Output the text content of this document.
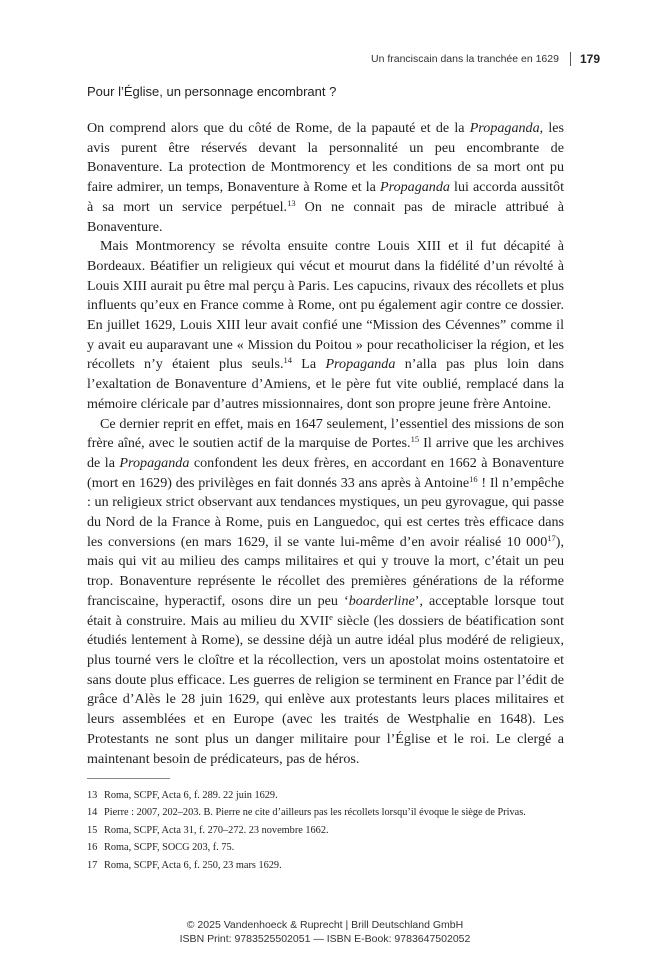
Un franciscain dans la tranchée en 1629 179
Pour l’Église, un personnage encombrant ?

On comprend alors que du côté de Rome, de la papauté et de la Propaganda, les avis purent être réservés devant la personnalité un peu encombrante de Bonaventure. La protection de Montmorency et les conditions de sa mort ont pu faire admirer, un temps, Bonaventure à Rome et la Propaganda lui accorda aussitôt à sa mort un service perpétuel.$^{13}$ On ne connait pas de miracle attribué à Bonaventure.

Mais Montmorency se révolta ensuite contre Louis XIII et il fut décapité à Bordeaux. Béatifier un religieux qui vécut et mourut dans la fidélité d’un révolté à Louis XIII aurait pu être mal perçu à Paris. Les capucins, rivaux des récollets et plus influents qu’eux en France comme à Rome, ont pu également agir contre ce dossier. En juillet 1629, Louis XIII leur avait confié une “Mission des Cévennes” comme il y avait eu auparavant une « Mission du Poitou » pour recatholiciser la région, et les récollets n’y étaient plus seuls.$^{14}$ La Propaganda n’alla pas plus loin dans l’exaltation de Bonaventure d’Amiens, et le père fut vite oublié, remplacé dans la mémoire cléricale par d’autres missionnaires, dont son propre jeune frère Antoine.

Ce dernier reprit en effet, mais en 1647 seulement, l’essentiel des missions de son frère aîné, avec le soutien actif de la marquise de Portes.$^{15}$ Il arrive que les archives de la Propaganda confondent les deux frères, en accordant en 1662 à Bonaventure (mort en 1629) des privilèges en fait donnés 33 ans après à Antoine$^{16}$ ! Il n’empêche : un religieux strict observant aux tendances mystiques, un peu gyrovague, qui passe du Nord de la France à Rome, puis en Languedoc, qui est certes très efficace dans les conversions (en mars 1629, il se vante lui-même d’en avoir réalisé 10 $000^{17}$), mais qui vit au milieu des camps militaires et qui y trouve la mort, c’était un peu trop. Bonaventure représente le récollet des premières générations de la réforme franciscaine, hyperactif, osons dire un peu ‘boarderline’, acceptable lorsque tout était à construire. Mais au milieu du XVIIe siècle (les dossiers de béatification sont étudiés lentement à Rome), se dessine déjà un autre idéal plus modéré de religieux, plus tourné vers le cloître et la récollection, vers un apostolat moins ostentatoire et sans doute plus efficace. Les guerres de religion se terminent en France par l’édit de grâce d’Alès le 28 juin 1629, qui enlève aux protestants leurs places militaires et leurs assemblées et en Europe (avec les traités de Westphalie en 1648). Les Protestants ne sont plus un danger militaire pour l’Église et le roi. Le clergé a maintenant besoin de prédicateurs, pas de héros.

13 Roma, SCPF, Acta 6, f. 289. 22 juin 1629.
14 Pierre : 2007, 202–203. B. Pierre ne cite d’ailleurs pas les récollets lorsqu’il évoque le siège de Privas.
15 Roma, SCPF, Acta 31, f. 270–272. 23 novembre 1662.
16 Roma, SCPF, SOCG 203, f. 75.
17 Roma, SCPF, Acta 6, f. 250, 23 mars 1629.
© 2025 Vandenhoeck & Ruprecht | Brill Deutschland GmbH
ISBN Print: 9783525502051 — ISBN E-Book: 9783647502052
